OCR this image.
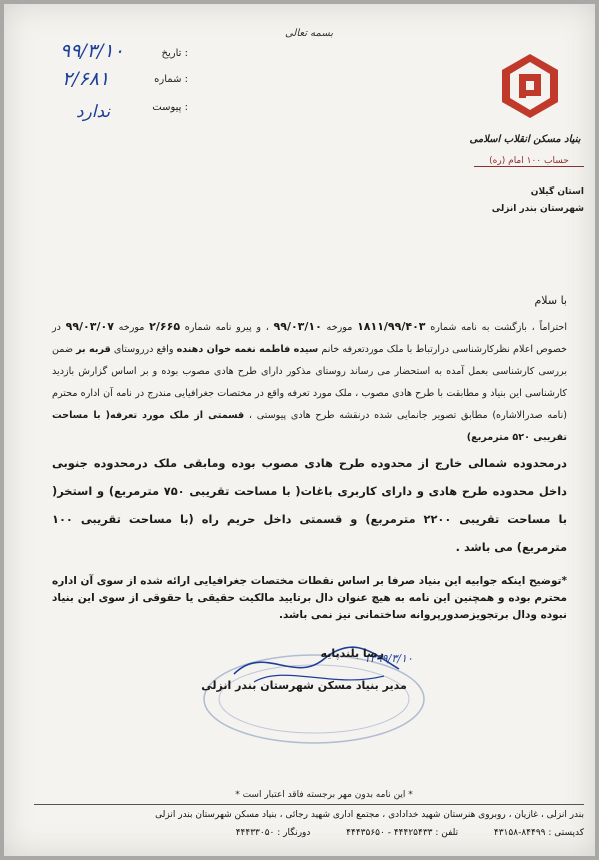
بسمه تعالی
: تاریخ
: شماره
: پیوست
۹۹/۳/۱۰
۲/۶۸۱
ندارد
بنیاد مسکن انقلاب اسلامی
حساب ۱۰۰ امام (ره)
استان گیلان
شهرستان بندر انزلی
با سلام
احتراماً ، بازگشت به نامه شماره ۱۸۱۱/۹۹/۴۰۳ مورخه ۹۹/۰۳/۱۰ ، و پیرو نامه شماره ۲/۶۶۵ مورخه ۹۹/۰۳/۰۷ در خصوص اعلام نظرکارشناسی درارتباط با ملک موردتعرفه خانم سیده فاطمه نغمه خوان دهنده واقع درروستای قربه بر ضمن بررسی کارشناسی بعمل آمده به استحضار می رساند روستای مذکور دارای طرح هادی مصوب بوده و بر اساس گزارش بازدید کارشناسی این بنیاد و مطابقت با طرح هادی مصوب ، ملک مورد تعرفه واقع در مختصات جغرافیایی مندرج در نامه آن اداره محترم (نامه صدرالاشاره) مطابق تصویر جانمایی شده درنقشه طرح هادی پیوستی ، قسمتی از ملک مورد تعرفه( با مساحت تقریبی ۵۲۰ مترمربع)
درمحدوده شمالی خارج از محدوده طرح هادی مصوب بوده ومابقی ملک درمحدوده جنوبی داخل محدوده طرح هادی و دارای کاربری باغات( با مساحت تقریبی ۷۵۰ مترمربع) و استخر( با مساحت تقریبی ۲۲۰۰ مترمربع) و قسمتی داخل حریم راه (با مساحت تقریبی ۱۰۰ مترمربع) می باشد .
*توضیح اینکه جوابیه این بنیاد صرفا بر اساس نقطات مختصات جغرافیایی ارائه شده از سوی آن اداره محترم بوده و همچنین این نامه به هیچ عنوان دال برتایید مالکیت حقیقی یا حقوقی از سوی این بنیاد نبوده ودال برتجویزصدورپروانه ساختمانی نیز نمی باشد.
۱۳۹۹/۳/۱۰
رضا بلندپایه
مدیر بنیاد مسکن شهرستان بندر انزلی
* این نامه بدون مهر برجسته فاقد اعتبار است *
بندر انزلی ، غازیان ، روبروی هنرستان شهید خدادادی ، مجتمع اداری شهید رجائی ، بنیاد مسکن شهرستان بندر انزلی
کدپستی : ۸۴۴۹۹-۴۳۱۵۸  تلفن : ۴۴۴۲۵۴۳۳ - ۴۴۴۳۵۶۵۰  دورنگار : ۴۴۴۳۳۰۵۰
